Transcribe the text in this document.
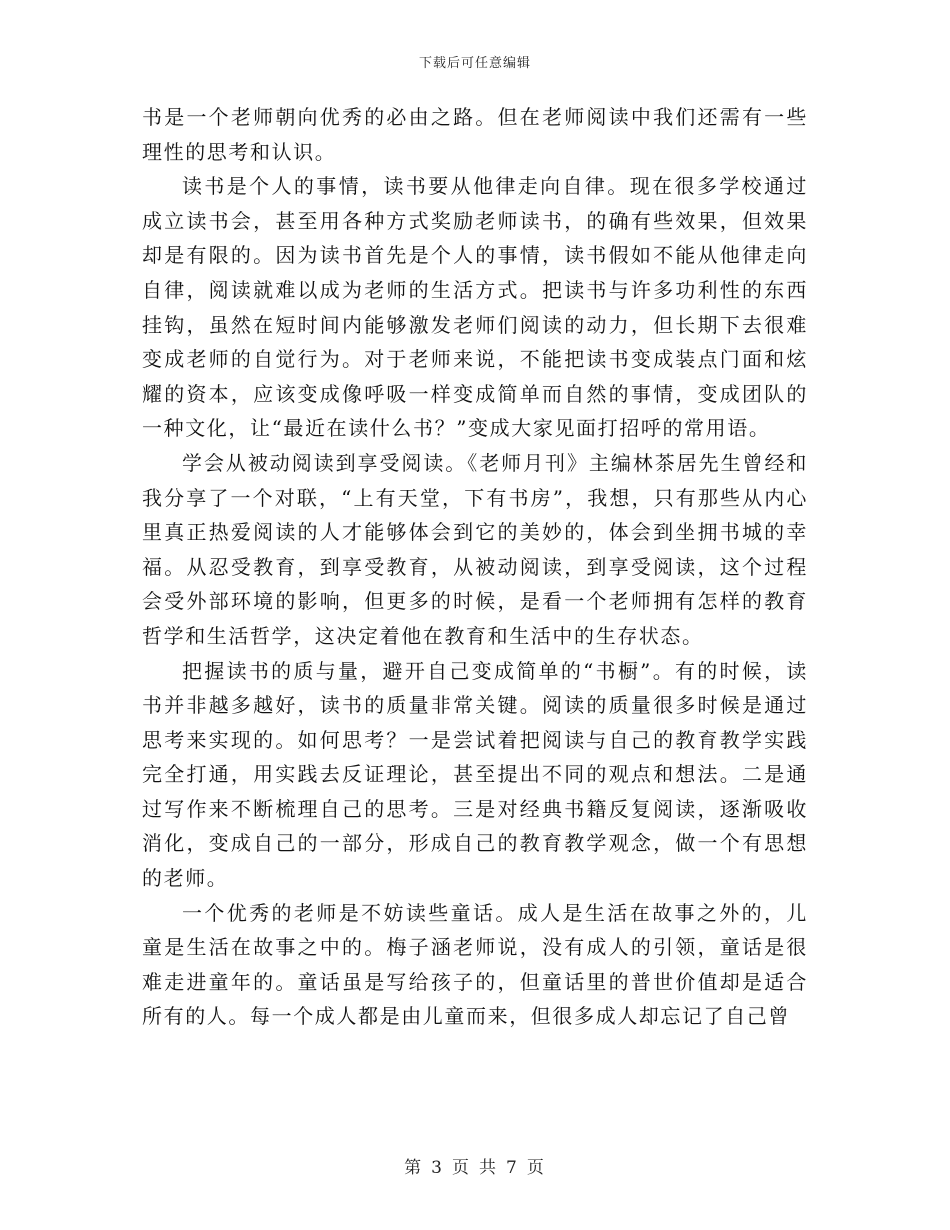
下载后可任意编辑

书是一个老师朝向优秀的必由之路。但在老师阅读中我们还需有一些理性的思考和认识。

读书是个人的事情，读书要从他律走向自律。现在很多学校通过成立读书会，甚至用各种方式奖励老师读书，的确有些效果，但效果却是有限的。因为读书首先是个人的事情，读书假如不能从他律走向自律，阅读就难以成为老师的生活方式。把读书与许多功利性的东西挂钩，虽然在短时间内能够激发老师们阅读的动力，但长期下去很难变成老师的自觉行为。对于老师来说，不能把读书变成装点门面和炫耀的资本，应该变成像呼吸一样变成简单而自然的事情，变成团队的一种文化，让“最近在读什么书？”变成大家见面打招呼的常用语。

学会从被动阅读到享受阅读。《老师月刊》主编林茶居先生曾经和我分享了一个对联，“上有天堂，下有书房”，我想，只有那些从内心里真正热爱阅读的人才能够体会到它的美妙的，体会到坐拥书城的幸福。从忍受教育，到享受教育，从被动阅读，到享受阅读，这个过程会受外部环境的影响，但更多的时候，是看一个老师拥有怎样的教育哲学和生活哲学，这决定着他在教育和生活中的生存状态。

把握读书的质与量，避开自己变成简单的“书橱”。有的时候，读书并非越多越好，读书的质量非常关键。阅读的质量很多时候是通过思考来实现的。如何思考？一是尝试着把阅读与自己的教育教学实践完全打通，用实践去反证理论，甚至提出不同的观点和想法。二是通过写作来不断梳理自己的思考。三是对经典书籍反复阅读，逐渐吸收消化，变成自己的一部分，形成自己的教育教学观念，做一个有思想的老师。

一个优秀的老师是不妨读些童话。成人是生活在故事之外的，儿童是生活在故事之中的。梅子涵老师说，没有成人的引领，童话是很难走进童年的。童话虽是写给孩子的，但童话里的普世价值却是适合所有的人。每一个成人都是由儿童而来，但很多成人却忘记了自己曾

第 3 页 共 7 页
